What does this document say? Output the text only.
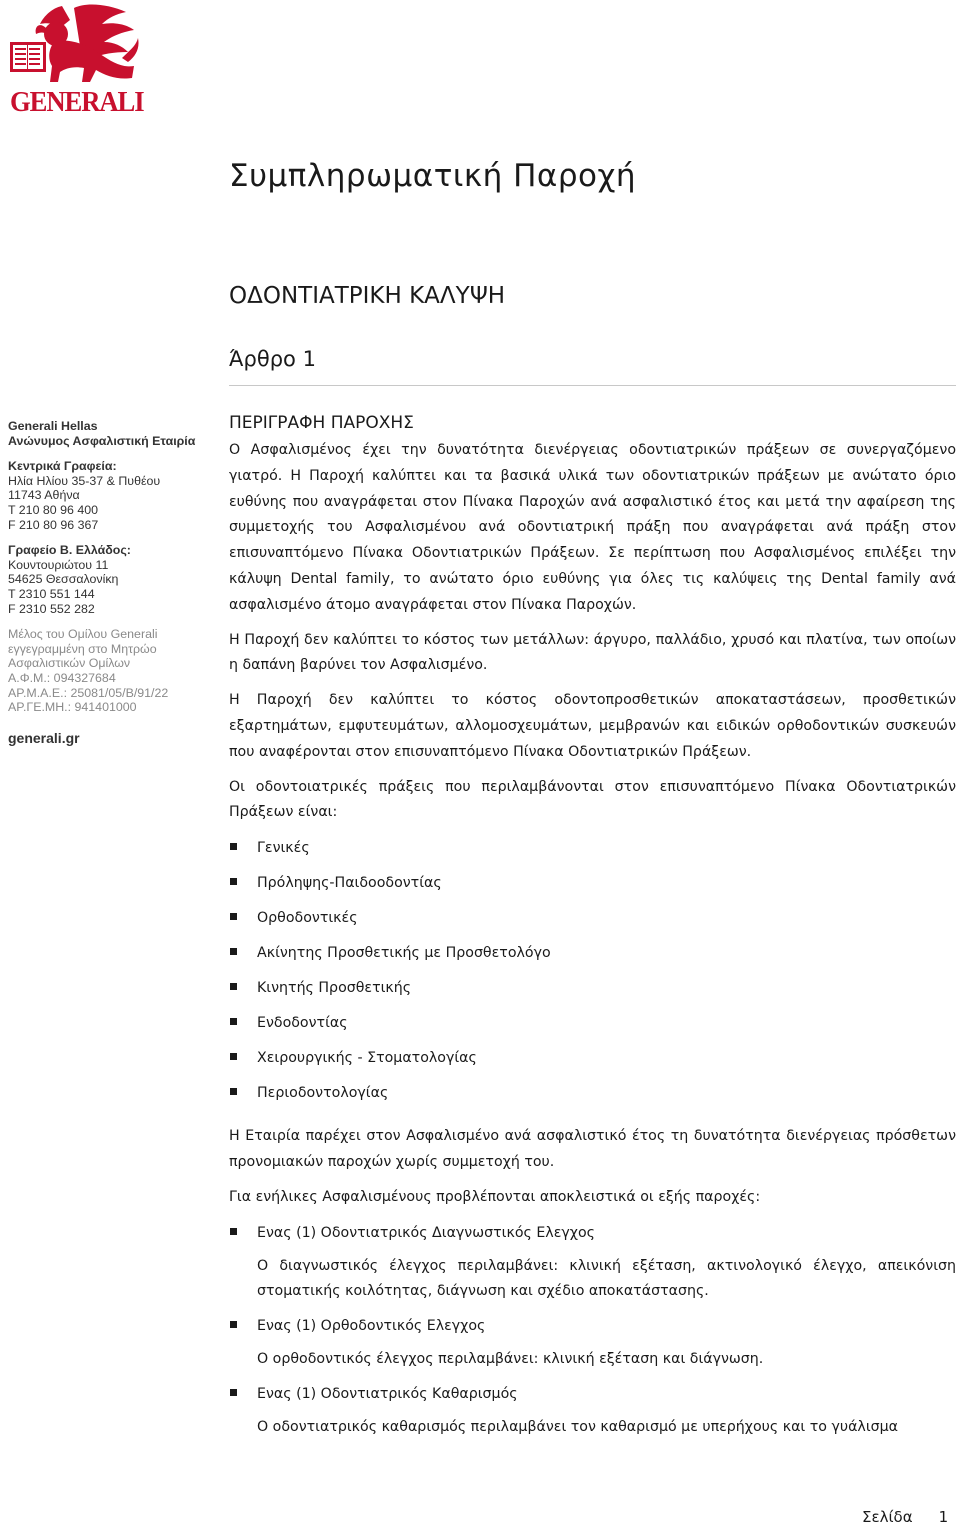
GENERALI
Συμπληρωματική Παροχή
ΟΔΟΝΤΙΑΤΡΙΚΗ ΚΑΛΥΨΗ
Άρθρο 1
Generali Hellas
Ανώνυμος Ασφαλιστική Εταιρία
Κεντρικά Γραφεία:
Ηλία Ηλίου 35-37 & Πυθέου
11743 Αθήνα
T 210 80 96 400
F 210 80 96 367
Γραφείο Β. Ελλάδος:
Κουντουριώτου 11
54625 Θεσσαλονίκη
T 2310 551 144
F 2310 552 282
Μέλος του Ομίλου Generali
εγγεγραμμένη στο Μητρώο
Ασφαλιστικών Ομίλων
Α.Φ.Μ.: 094327684
ΑΡ.Μ.Α.Ε.: 25081/05/Β/91/22
ΑΡ.ΓΕ.ΜΗ.: 941401000
generali.gr
ΠΕΡΙΓΡΑΦΗ ΠΑΡΟΧΗΣ

Ο Ασφαλισμένος έχει την δυνατότητα διενέργειας οδοντιατρικών πράξεων σε συνεργαζόμενο γιατρό. Η Παροχή καλύπτει και τα βασικά υλικά των οδοντιατρικών πράξεων με ανώτατο όριο ευθύνης που αναγράφεται στον Πίνακα Παροχών ανά ασφαλιστικό έτος και μετά την αφαίρεση της συμμετοχής του Ασφαλισμένου ανά οδοντιατρική πράξη που αναγράφεται ανά πράξη στον επισυναπτόμενο Πίνακα Οδοντιατρικών Πράξεων. Σε περίπτωση που Ασφαλισμένος επιλέξει την κάλυψη Dental family, το ανώτατο όριο ευθύνης για όλες τις καλύψεις της Dental family ανά ασφαλισμένο άτομο αναγράφεται στον Πίνακα Παροχών.

Η Παροχή δεν καλύπτει το κόστος των μετάλλων: άργυρο, παλλάδιο, χρυσό και πλατίνα, των οποίων η δαπάνη βαρύνει τον Ασφαλισμένο.

Η Παροχή δεν καλύπτει το κόστος οδοντοπροσθετικών αποκαταστάσεων, προσθετικών εξαρτημάτων, εμφυτευμάτων, αλλομοσχευμάτων, μεμβρανών και ειδικών ορθοδοντικών συσκευών που αναφέρονται στον επισυναπτόμενο Πίνακα Οδοντιατρικών Πράξεων.

Οι οδοντοιατρικές πράξεις που περιλαμβάνονται στον επισυναπτόμενο Πίνακα Οδοντιατρικών Πράξεων είναι:

Γενικές
Πρόληψης-Παιδοοδοντίας
Ορθοδοντικές
Ακίνητης Προσθετικής με Προσθετολόγο
Κινητής Προσθετικής
Ενδοδοντίας
Χειρουργικής - Στοματολογίας
Περιοδοντολογίας

Η Εταιρία παρέχει στον Ασφαλισμένο ανά ασφαλιστικό έτος τη δυνατότητα διενέργειας πρόσθετων προνομιακών παροχών χωρίς συμμετοχή του.

Για ενήλικες Ασφαλισμένους προβλέπονται αποκλειστικά οι εξής παροχές:

Ενας (1) Οδοντιατρικός Διαγνωστικός Ελεγχος

Ο διαγνωστικός έλεγχος περιλαμβάνει: κλινική εξέταση, ακτινολογικό έλεγχο, απεικόνιση στοματικής κοιλότητας, διάγνωση και σχέδιο αποκατάστασης.

Ενας (1) Ορθοδοντικός Ελεγχος

Ο ορθοδοντικός έλεγχος περιλαμβάνει: κλινική εξέταση και διάγνωση.

Ενας (1) Οδοντιατρικός Καθαρισμός

Ο οδοντιατρικός καθαρισμός περιλαμβάνει τον καθαρισμό με υπερήχους και το γυάλισμα

Σελίδα 1
